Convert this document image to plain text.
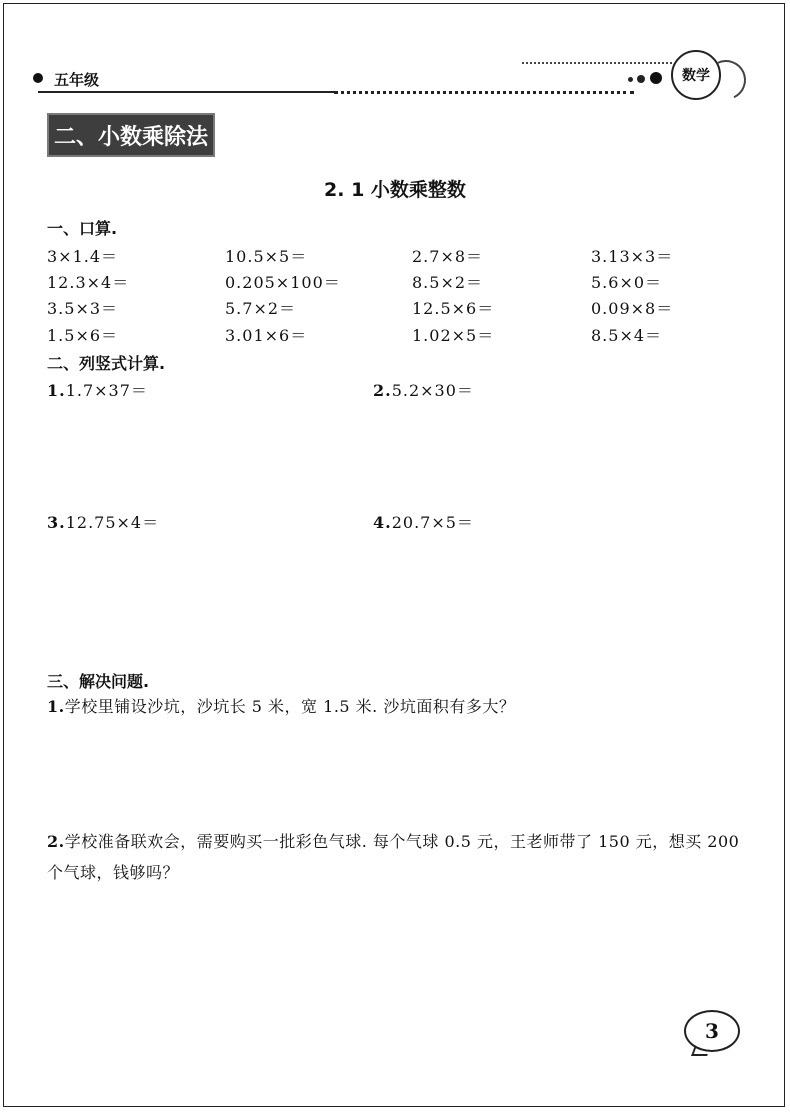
五年级	数学
二、小数乘除法
2. 1 小数乘整数
一、口算.
3×1.4＝	10.5×5＝	2.7×8＝	3.13×3＝
12.3×4＝	0.205×100＝	8.5×2＝	5.6×0＝
3.5×3＝	5.7×2＝	12.5×6＝	0.09×8＝
1.5×6＝	3.01×6＝	1.02×5＝	8.5×4＝
二、列竖式计算.
1.1.7×37＝	2.5.2×30＝
3.12.75×4＝	4.20.7×5＝
三、解决问题.
1.学校里铺设沙坑，沙坑长 5 米，宽 1.5 米. 沙坑面积有多大？
2.学校准备联欢会，需要购买一批彩色气球. 每个气球 0.5 元，王老师带了 150 元，想买 200 个气球，钱够吗？
3
